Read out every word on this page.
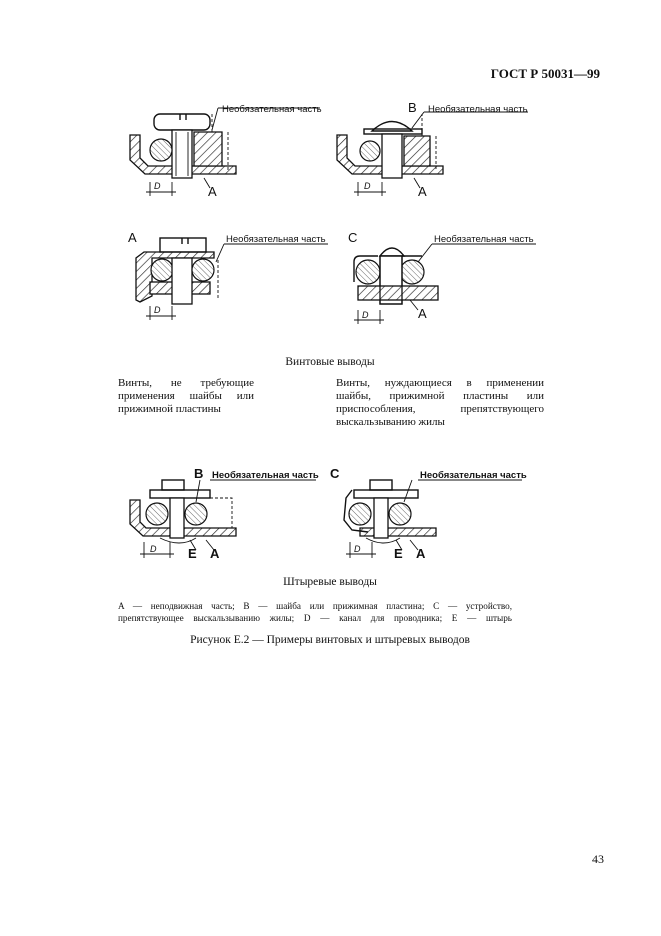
ГОСТ Р 50031—99
Необязательная часть
A
D
B Необязательная часть
A
D
A	Необязательная часть
D
C	Необязательная часть
A
D
B Необязательная часть
E A
D
C	Необязательная часть
E A
D
Винтовые выводы
Винты, не требующие применения шайбы или прижимной пластины
Винты, нуждающиеся в применении шайбы, прижимной пластины или приспособления, препятствующего выскальзыванию жилы
Штыревые выводы
A — неподвижная часть; B — шайба или прижимная пластина; C — устройство,
препятствующее выскальзыванию жилы; D — канал для проводника; E — штырь
Рисунок Е.2 — Примеры винтовых и штыревых выводов
43
